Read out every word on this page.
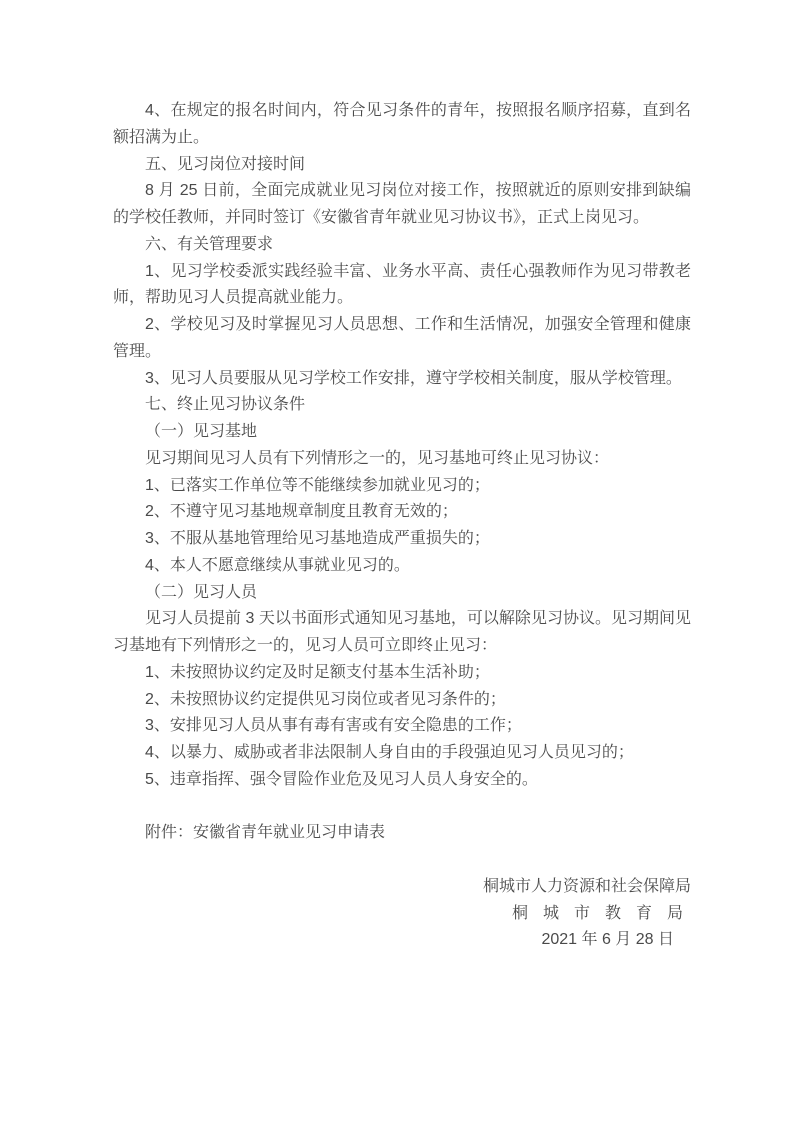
4、在规定的报名时间内，符合见习条件的青年，按照报名顺序招募，直到名额招满为止。

五、见习岗位对接时间

8 月 25 日前，全面完成就业见习岗位对接工作，按照就近的原则安排到缺编的学校任教师，并同时签订《安徽省青年就业见习协议书》，正式上岗见习。

六、有关管理要求

1、见习学校委派实践经验丰富、业务水平高、责任心强教师作为见习带教老师，帮助见习人员提高就业能力。

2、学校见习及时掌握见习人员思想、工作和生活情况，加强安全管理和健康管理。

3、见习人员要服从见习学校工作安排，遵守学校相关制度，服从学校管理。

七、终止见习协议条件

（一）见习基地

见习期间见习人员有下列情形之一的，见习基地可终止见习协议：

1、已落实工作单位等不能继续参加就业见习的；

2、不遵守见习基地规章制度且教育无效的；

3、不服从基地管理给见习基地造成严重损失的；

4、本人不愿意继续从事就业见习的。

（二）见习人员

见习人员提前 3 天以书面形式通知见习基地，可以解除见习协议。见习期间见习基地有下列情形之一的，见习人员可立即终止见习：

1、未按照协议约定及时足额支付基本生活补助；

2、未按照协议约定提供见习岗位或者见习条件的；

3、安排见习人员从事有毒有害或有安全隐患的工作；

4、以暴力、威胁或者非法限制人身自由的手段强迫见习人员见习的；

5、违章指挥、强令冒险作业危及见习人员人身安全的。

附件：安徽省青年就业见习申请表

桐城市人力资源和社会保障局

桐城市教育局

2021 年 6 月 28 日
